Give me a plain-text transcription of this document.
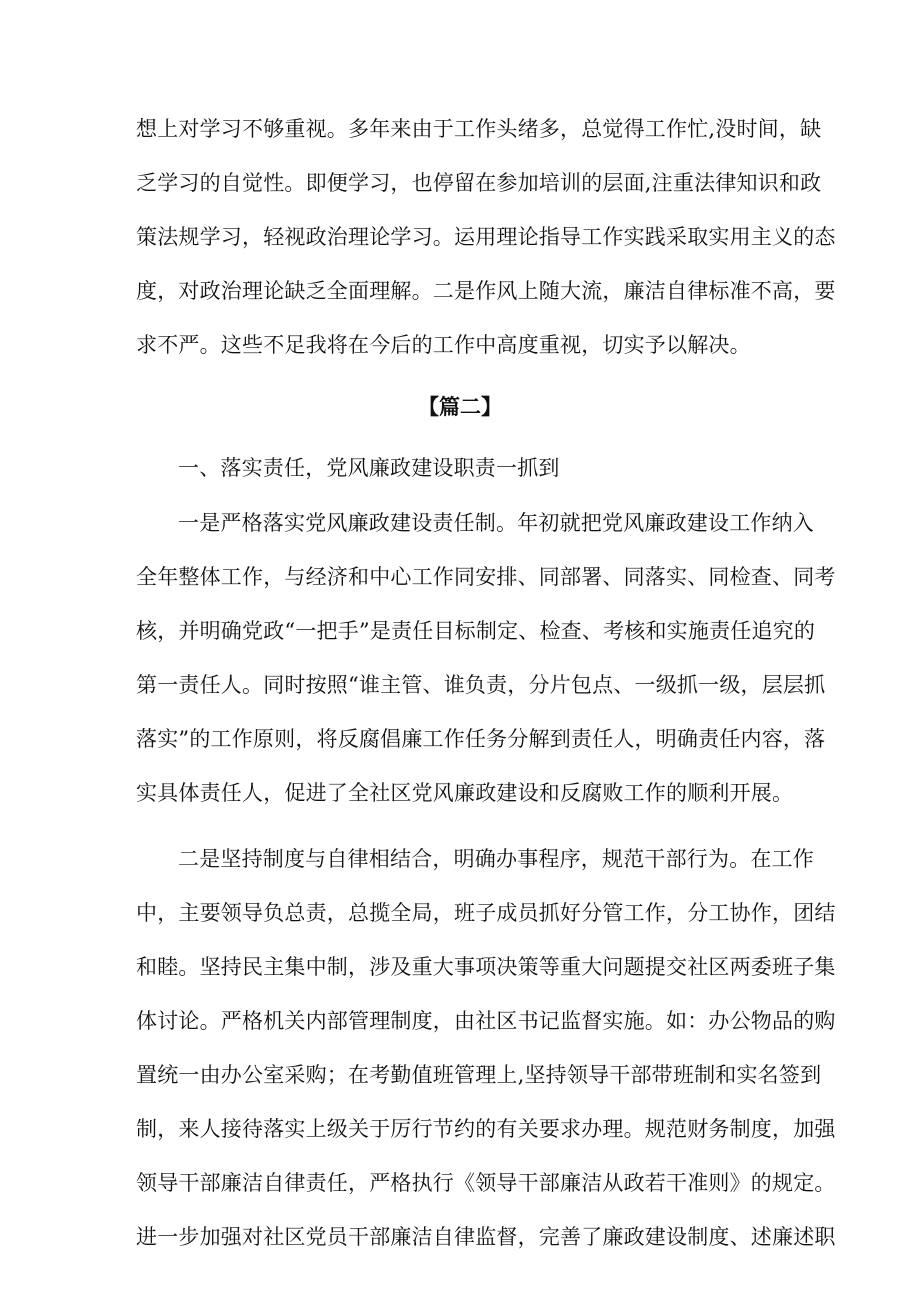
想上对学习不够重视。多年来由于工作头绪多，总觉得工作忙,没时间，缺
乏学习的自觉性。即便学习，也停留在参加培训的层面,注重法律知识和政
策法规学习，轻视政治理论学习。运用理论指导工作实践采取实用主义的态
度，对政治理论缺乏全面理解。二是作风上随大流，廉洁自律标准不高，要
求不严。这些不足我将在今后的工作中高度重视，切实予以解决。
【篇二】
一、落实责任，党风廉政建设职责一抓到
一是严格落实党风廉政建设责任制。年初就把党风廉政建设工作纳入
全年整体工作，与经济和中心工作同安排、同部署、同落实、同检查、同考
核，并明确党政“一把手”是责任目标制定、检查、考核和实施责任追究的
第一责任人。同时按照“谁主管、谁负责，分片包点、一级抓一级，层层抓
落实”的工作原则，将反腐倡廉工作任务分解到责任人，明确责任内容，落
实具体责任人，促进了全社区党风廉政建设和反腐败工作的顺利开展。
二是坚持制度与自律相结合，明确办事程序，规范干部行为。在工作
中，主要领导负总责，总揽全局，班子成员抓好分管工作，分工协作，团结
和睦。坚持民主集中制，涉及重大事项决策等重大问题提交社区两委班子集
体讨论。严格机关内部管理制度，由社区书记监督实施。如：办公物品的购
置统一由办公室采购；在考勤值班管理上,坚持领导干部带班制和实名签到
制，来人接待落实上级关于厉行节约的有关要求办理。规范财务制度，加强
领导干部廉洁自律责任，严格执行《领导干部廉洁从政若干准则》的规定。
进一步加强对社区党员干部廉洁自律监督，完善了廉政建设制度、述廉述职
